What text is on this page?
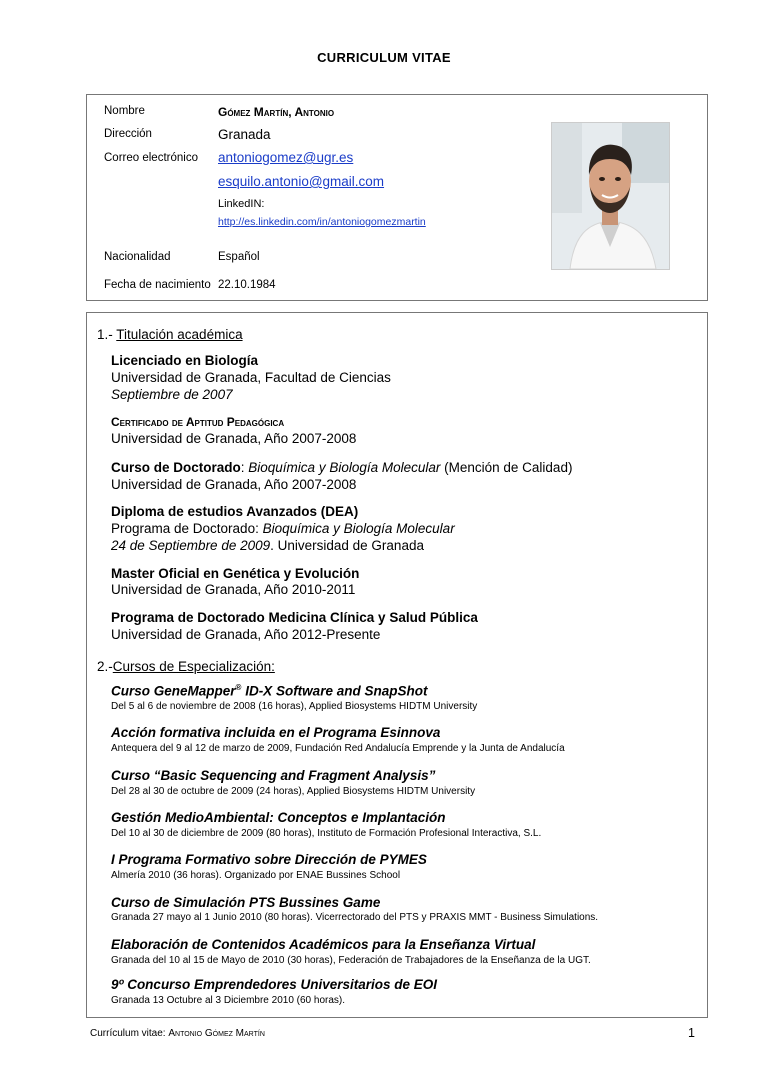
CURRICULUM VITAE
Nombre	Gómez Martín, Antonio
Dirección	Granada
Correo electrónico antoniogomez@ugr.es
esquilo.antonio@gmail.com
LinkedIN:
http://es.linkedin.com/in/antoniogomezmartin
Nacionalidad	Español
Fecha de nacimiento 22.10.1984
1.- Titulación académica
Licenciado en Biología
Universidad de Granada, Facultad de Ciencias
Septiembre de 2007
Certificado de Aptitud Pedagógica
Universidad de Granada, Año 2007-2008
Curso de Doctorado: Bioquímica y Biología Molecular (Mención de Calidad)
Universidad de Granada, Año 2007-2008
Diploma de estudios Avanzados (DEA)
Programa de Doctorado: Bioquímica y Biología Molecular
24 de Septiembre de 2009. Universidad de Granada
Master Oficial en Genética y Evolución
Universidad de Granada, Año 2010-2011
Programa de Doctorado Medicina Clínica y Salud Pública
Universidad de Granada, Año 2012-Presente
2.-Cursos de Especialización:
Curso GeneMapper® ID-X Software and SnapShot
Del 5 al 6 de noviembre de 2008 (16 horas), Applied Biosystems HIDTM University
Acción formativa incluida en el Programa Esinnova
Antequera del 9 al 12 de marzo de 2009, Fundación Red Andalucía Emprende y la Junta de Andalucía
Curso “Basic Sequencing and Fragment Analysis”
Del 28 al 30 de octubre de 2009 (24 horas), Applied Biosystems HIDTM University
Gestión MedioAmbiental: Conceptos e Implantación
Del 10 al 30 de diciembre de 2009 (80 horas), Instituto de Formación Profesional Interactiva, S.L.
I Programa Formativo sobre Dirección de PYMES
Almería 2010 (36 horas). Organizado por ENAE Bussines School
Curso de Simulación PTS Bussines Game
Granada 27 mayo al 1 Junio 2010 (80 horas). Vicerrectorado del PTS y PRAXIS MMT - Business Simulations.
Elaboración de Contenidos Académicos para la Enseñanza Virtual
Granada del 10 al 15 de Mayo de 2010 (30 horas), Federación de Trabajadores de la Enseñanza de la UGT.
9º Concurso Emprendedores Universitarios de EOI
Granada 13 Octubre al 3 Diciembre 2010 (60 horas).
Currículum vitae: Antonio Gómez Martín	1
